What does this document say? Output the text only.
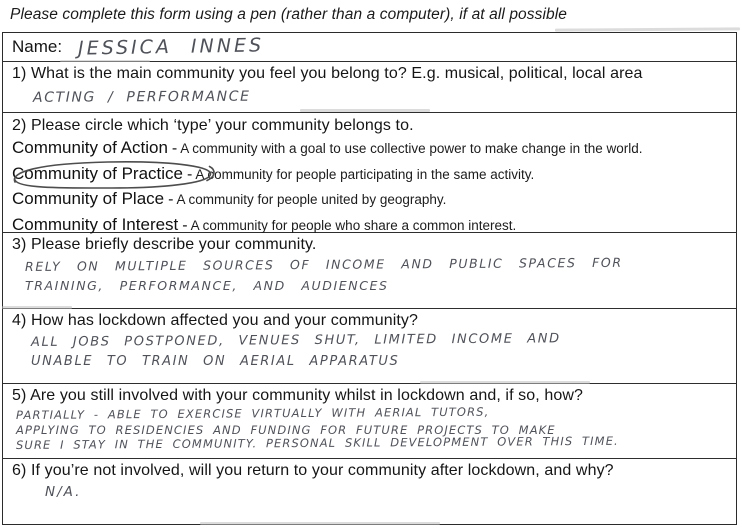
Please complete this form using a pen (rather than a computer), if at all possible
Name: JESSICA INNES
1) What is the main community you feel you belong to? E.g. musical, political, local area
ACTING / PERFORMANCE
2) Please circle which ‘type’ your community belongs to.
Community of Action - A community with a goal to use collective power to make change in the world.
Community of Practice - A community for people participating in the same activity.
Community of Place - A community for people united by geography.
Community of Interest - A community for people who share a common interest.
3) Please briefly describe your community.
RELY ON MULTIPLE SOURCES OF INCOME AND PUBLIC SPACES FOR
TRAINING, PERFORMANCE, AND AUDIENCES
4) How has lockdown affected you and your community?
ALL JOBS POSTPONED, VENUES SHUT, LIMITED INCOME AND
UNABLE TO TRAIN ON AERIAL APPARATUS
5) Are you still involved with your community whilst in lockdown and, if so, how?
PARTIALLY - ABLE TO EXERCISE VIRTUALLY WITH AERIAL TUTORS,
APPLYING TO RESIDENCIES AND FUNDING FOR FUTURE PROJECTS TO MAKE
SURE I STAY IN THE COMMUNITY. PERSONAL SKILL DEVELOPMENT OVER THIS TIME.
6) If you’re not involved, will you return to your community after lockdown, and why?
N/A.
